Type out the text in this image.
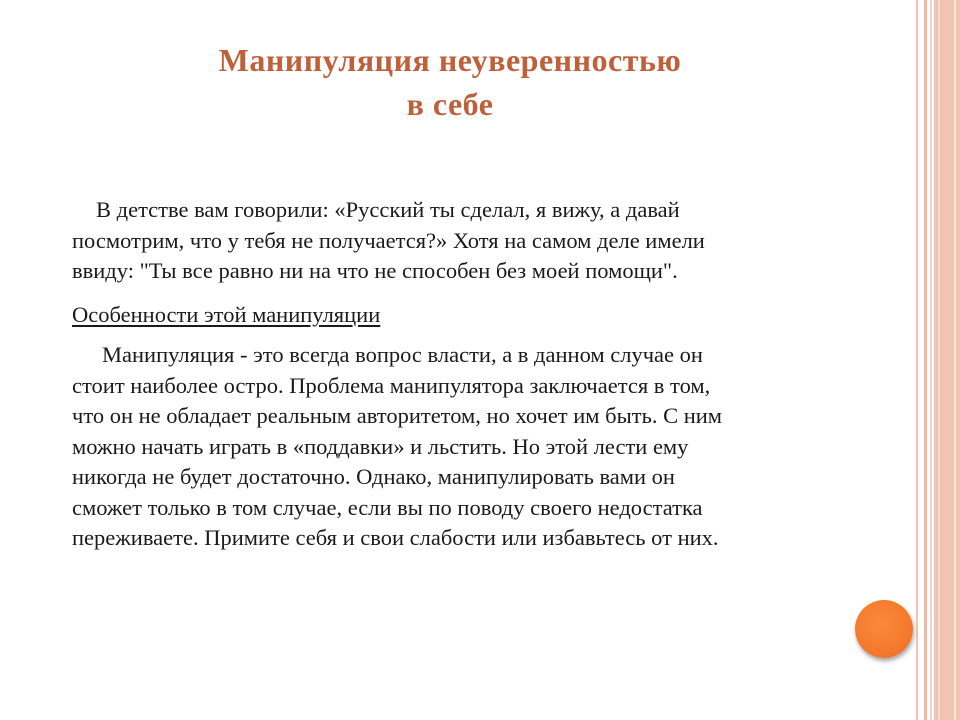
Манипуляция неуверенностью
в себе
В детстве вам говорили: «Русский ты сделал, я вижу, а давай
посмотрим, что у тебя не получается?» Хотя на самом деле имели
ввиду: "Ты все равно ни на что не способен без моей помощи".
Особенности этой манипуляции
Манипуляция - это всегда вопрос власти, а в данном случае он
стоит наиболее остро. Проблема манипулятора заключается в том,
что он не обладает реальным авторитетом, но хочет им быть. С ним
можно начать играть в «поддавки» и льстить. Но этой лести ему
никогда не будет достаточно. Однако, манипулировать вами он
сможет только в том случае, если вы по поводу своего недостатка
переживаете. Примите себя и свои слабости или избавьтесь от них.
